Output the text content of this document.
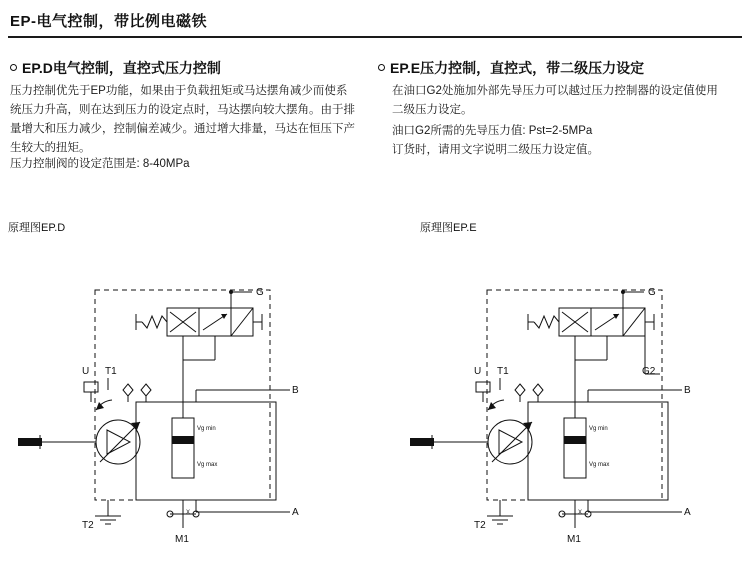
EP-电气控制，带比例电磁铁
EP.D电气控制，直控式压力控制
压力控制优先于EP功能，如果由于负载扭矩或马达摆角减少而使系统压力升高，则在达到压力的设定点时，马达摆向较大摆角。由于排量增大和压力减少，控制偏差减少。通过增大排量，马达在恒压下产生较大的扭矩。
压力控制阀的设定范围是: 8-40MPa
EP.E压力控制，直控式，带二级压力设定
在油口G2处施加外部先导压力可以越过压力控制器的设定值使用二级压力设定。
油口G2所需的先导压力值: Pst=2-5MPa
订货时，请用文字说明二级压力设定值。
原理图EP.D	原理图EP.E
G
Vg min
Vg max
B
A
U T1
T2
X
M1
G
G2
Vg min
Vg max
B
A
U T1
T2
X
M1
